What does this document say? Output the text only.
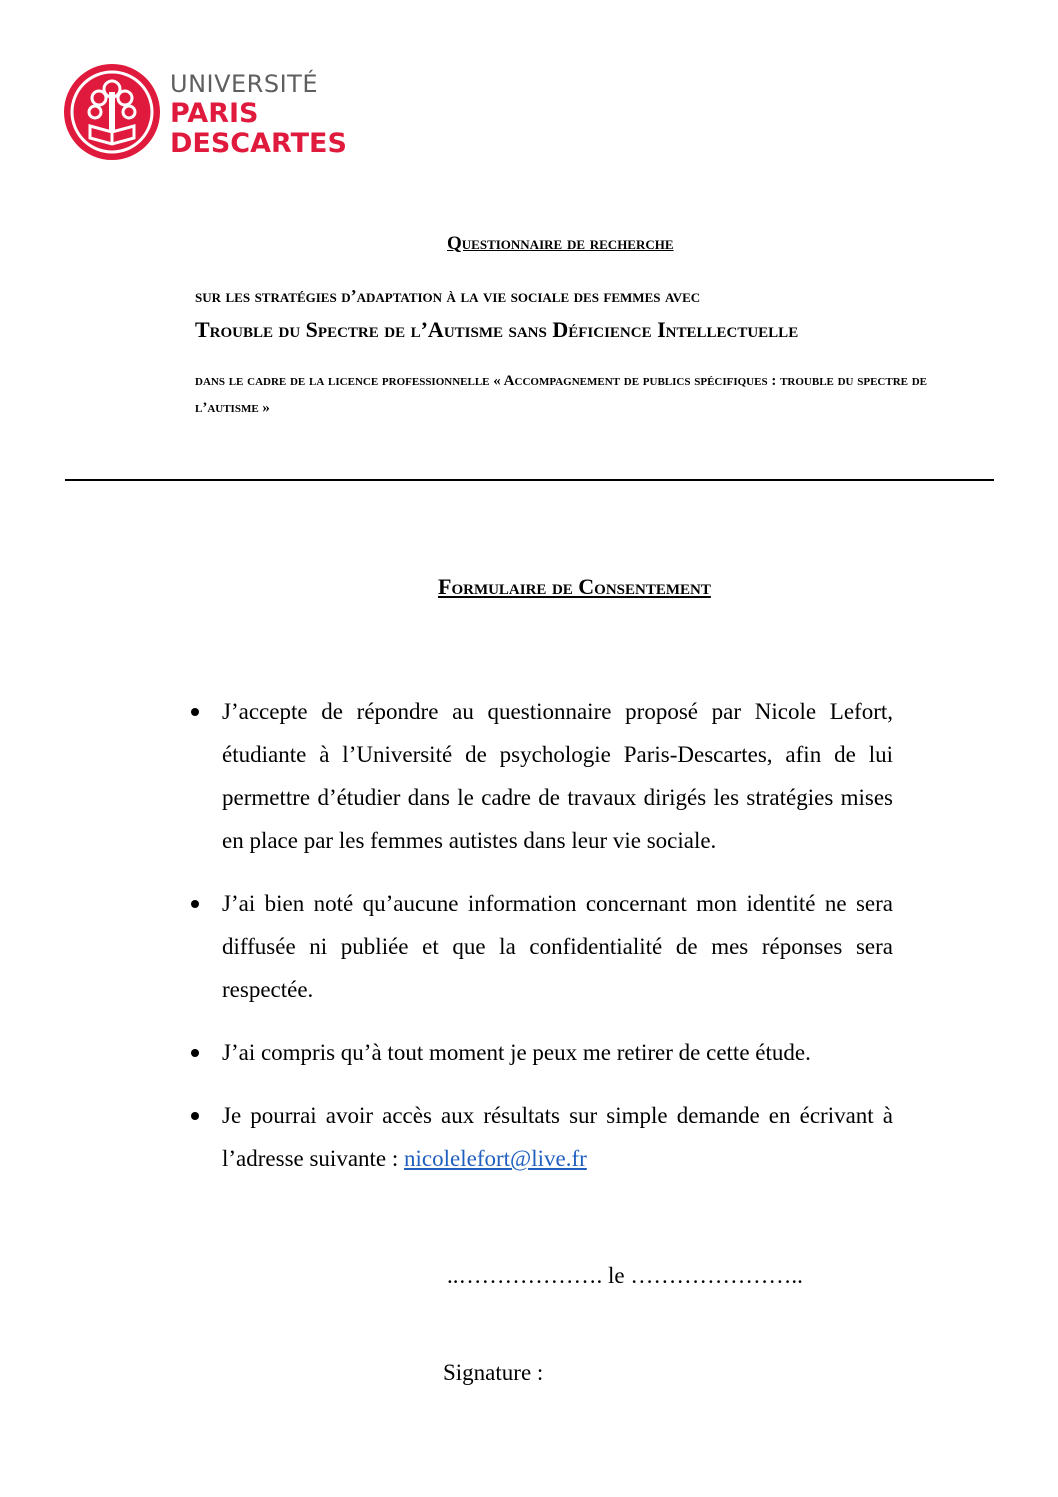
UNIVERSITÉ
PARIS
DESCARTES
Questionnaire de recherche
sur les stratégies d’adaptation à la vie sociale des femmes avec
Trouble du Spectre de l’Autisme sans Déficience Intellectuelle
dans le cadre de la licence professionnelle « Accompagnement de publics spécifiques : trouble du spectre de l’autisme »
Formulaire de Consentement
J’accepte de répondre au questionnaire proposé par Nicole Lefort, étudiante à l’Université de psychologie Paris-Descartes, afin de lui permettre d’étudier dans le cadre de travaux dirigés les stratégies mises en place par les femmes autistes dans leur vie sociale.
J’ai bien noté qu’aucune information concernant mon identité ne sera diffusée ni publiée et que la confidentialité de mes réponses sera respectée.
J’ai compris qu’à tout moment je peux me retirer de cette étude.
Je pourrai avoir accès aux résultats sur simple demande en écrivant à l’adresse suivante : nicolelefort@live.fr
..………………. le …………………..
Signature :
